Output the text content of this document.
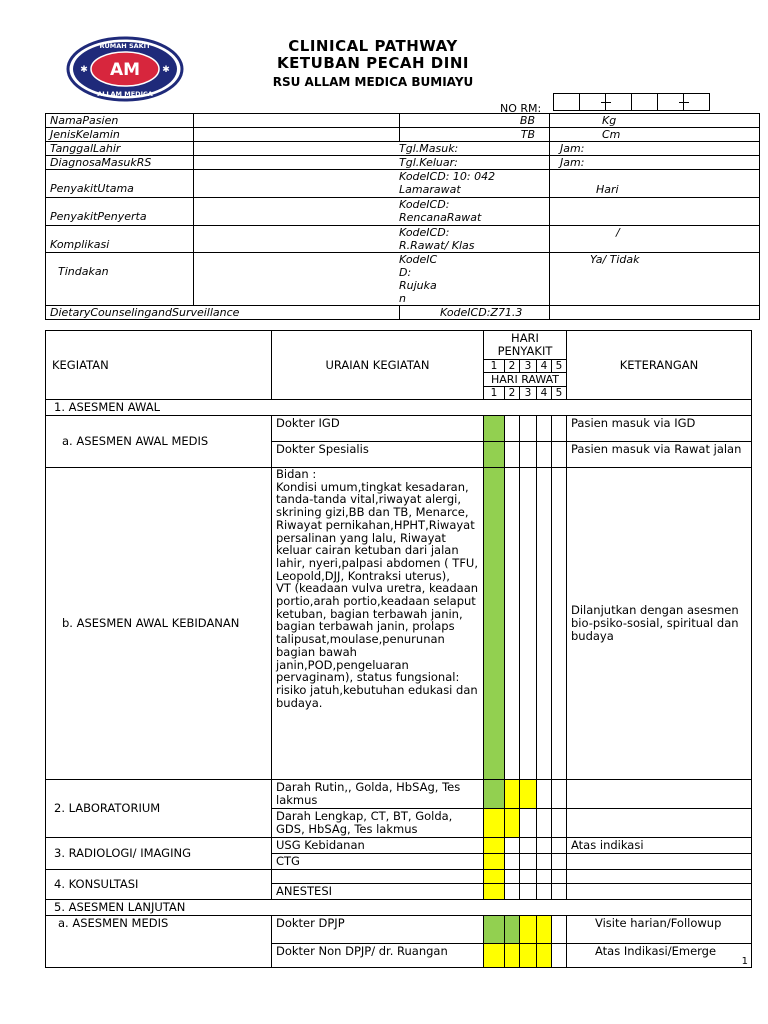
AM
RUMAH SAKIT
ALLAM MEDICA
✱	✱
CLINICAL PATHWAY
KETUBAN PECAH DINI
RSU ALLAM MEDICA BUMIAYU
NO RM:
NamaPasien		BB	Kg
JenisKelamin		TB	Cm
TanggalLahir	Tgl.Masuk:		Jam:
DiagnosaMasukRS	Tgl.Keluar:		Jam:
PenyakitUtama	KodeICD: 10: 042
Lamarawat		Hari
PenyakitPenyerta	KodeICD:
RencanaRawat		
Komplikasi	KodeICD:
R.Rawat/ Klas		/
Tindakan	KodeIC
D:
Rujuka
n		Ya/ Tidak
DietaryCounselingandSurveillance		KodeICD:Z71.3	
KEGIATAN	URAIAN KEGIATAN	HARI PENYAKIT					KETERANGAN
		1	2	3	4	5	
		HARI RAWAT					
		1	2	3	4	5	
1. ASESMEN AWAL							
a. ASESMEN AWAL MEDIS	Dokter IGD						Pasien masuk via IGD
	Dokter Spesialis						Pasien masuk via Rawat jalan
b. ASESMEN AWAL KEBIDANAN	Bidan :
Kondisi umum,tingkat kesadaran, tanda-tanda vital,riwayat alergi, skrining gizi,BB dan TB, Menarce, Riwayat pernikahan,HPHT,Riwayat persalinan yang lalu, Riwayat keluar cairan ketuban dari jalan lahir, nyeri,palpasi abdomen ( TFU, Leopold,DJJ, Kontraksi uterus),
VT (keadaan vulva uretra, keadaan portio,arah portio,keadaan selaput ketuban, bagian terbawah janin, bagian terbawah janin, prolaps talipusat,moulase,penurunan bagian bawah janin,POD,pengeluaran pervaginam), status fungsional: risiko jatuh,kebutuhan edukasi dan budaya.						Dilanjutkan dengan asesmen bio-psiko-sosial, spiritual dan budaya
2. LABORATORIUM	Darah Rutin,, Golda, HbSAg, Tes lakmus						
	Darah Lengkap, CT, BT, Golda, GDS, HbSAg, Tes lakmus						
3. RADIOLOGI/ IMAGING	USG Kebidanan						Atas indikasi
	CTG						
4. KONSULTASI							
	ANESTESI						
5. ASESMEN LANJUTAN							
a. ASESMEN MEDIS	Dokter DPJP						Visite harian/Followup
	Dokter Non DPJP/ dr. Ruangan						Atas Indikasi/Emerge
1
